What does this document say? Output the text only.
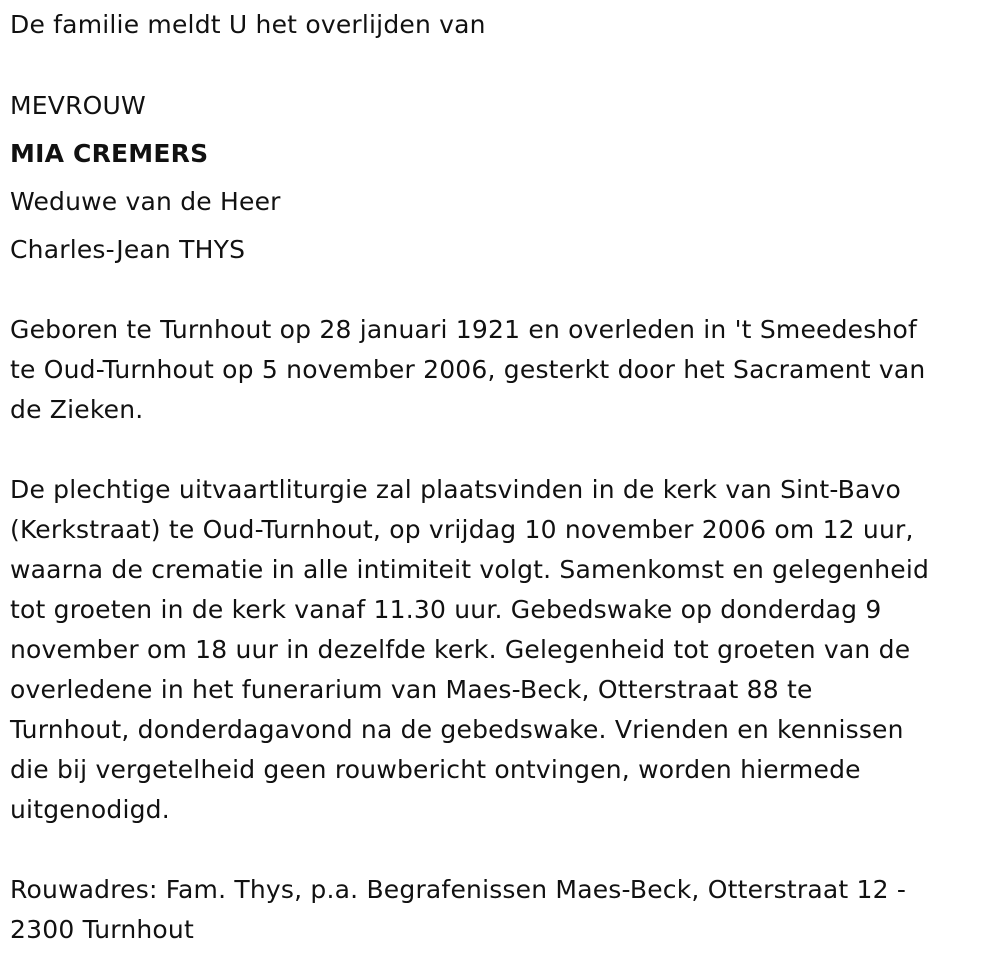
De familie meldt U het overlijden van
MEVROUW
MIA CREMERS
Weduwe van de Heer
Charles-Jean THYS
Geboren te Turnhout op 28 januari 1921 en overleden in 't Smeedeshof
te Oud-Turnhout op 5 november 2006, gesterkt door het Sacrament van
de Zieken.
De plechtige uitvaartliturgie zal plaatsvinden in de kerk van Sint-Bavo
(Kerkstraat) te Oud-Turnhout, op vrijdag 10 november 2006 om 12 uur,
waarna de crematie in alle intimiteit volgt. Samenkomst en gelegenheid
tot groeten in de kerk vanaf 11.30 uur. Gebedswake op donderdag 9
november om 18 uur in dezelfde kerk. Gelegenheid tot groeten van de
overledene in het funerarium van Maes-Beck, Otterstraat 88 te
Turnhout, donderdagavond na de gebedswake. Vrienden en kennissen
die bij vergetelheid geen rouwbericht ontvingen, worden hiermede
uitgenodigd.
Rouwadres: Fam. Thys, p.a. Begrafenissen Maes-Beck, Otterstraat 12 -
2300 Turnhout
